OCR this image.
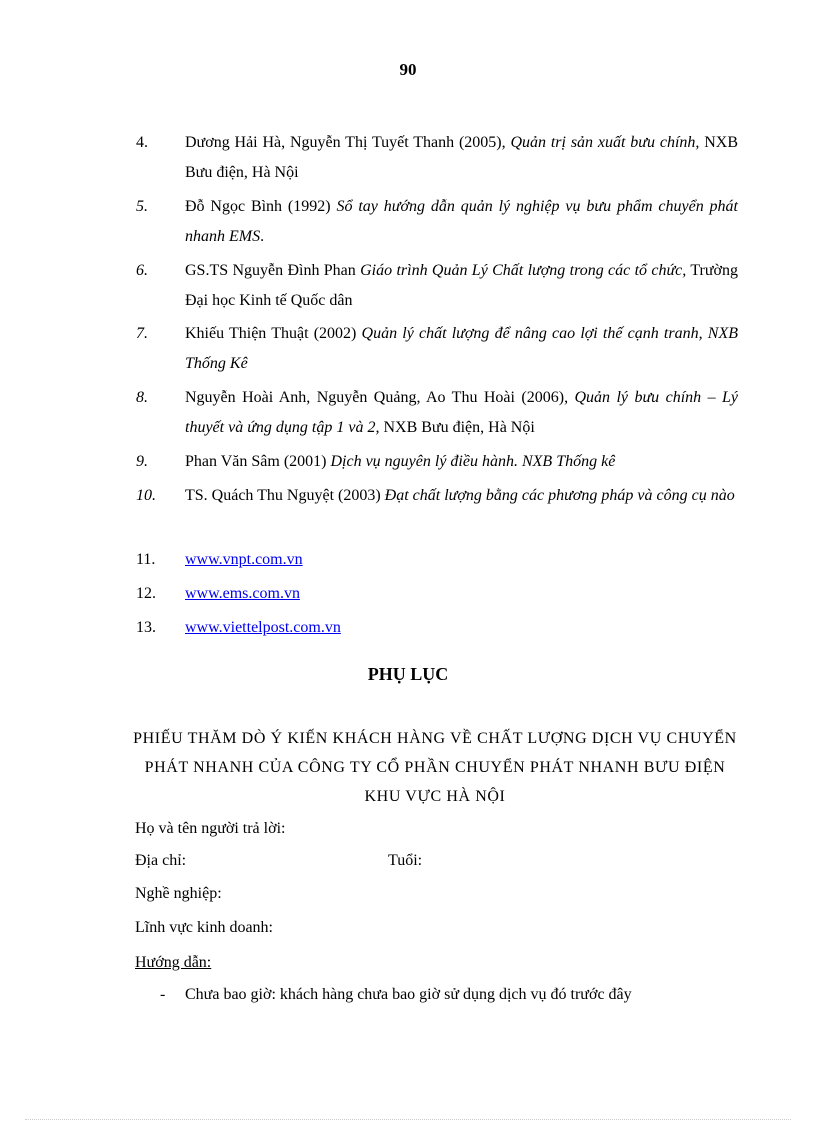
90
4. Dương Hải Hà, Nguyễn Thị Tuyết Thanh (2005), Quản trị sản xuất bưu chính, NXB Bưu điện, Hà Nội
5. Đỗ Ngọc Bình (1992) Sổ tay hướng dẫn quản lý nghiệp vụ bưu phẩm chuyển phát nhanh EMS.
6. GS.TS Nguyễn Đình Phan Giáo trình Quản Lý Chất lượng trong các tổ chức, Trường Đại học Kinh tế Quốc dân
7. Khiếu Thiện Thuật (2002) Quản lý chất lượng để nâng cao lợi thế cạnh tranh, NXB Thống Kê
8. Nguyễn Hoài Anh, Nguyễn Quảng, Ao Thu Hoài (2006), Quản lý bưu chính – Lý thuyết và ứng dụng tập 1 và 2, NXB Bưu điện, Hà Nội
9. Phan Văn Sâm (2001) Dịch vụ nguyên lý điều hành. NXB Thống kê
10. TS. Quách Thu Nguyệt (2003) Đạt chất lượng bằng các phương pháp và công cụ nào
11. www.vnpt.com.vn
12. www.ems.com.vn
13. www.viettelpost.com.vn
PHỤ LỤC
PHIẾU THĂM DÒ Ý KIẾN KHÁCH HÀNG VỀ CHẤT LƯỢNG DỊCH VỤ CHUYỂN PHÁT NHANH CỦA CÔNG TY CỔ PHẦN CHUYỂN PHÁT NHANH BƯU ĐIỆN KHU VỰC HÀ NỘI
Họ và tên người trả lời:
Địa chỉ:	Tuổi:
Nghề nghiệp:
Lĩnh vực kinh doanh:
Hướng dẫn:
- Chưa bao giờ: khách hàng chưa bao giờ sử dụng dịch vụ đó trước đây
